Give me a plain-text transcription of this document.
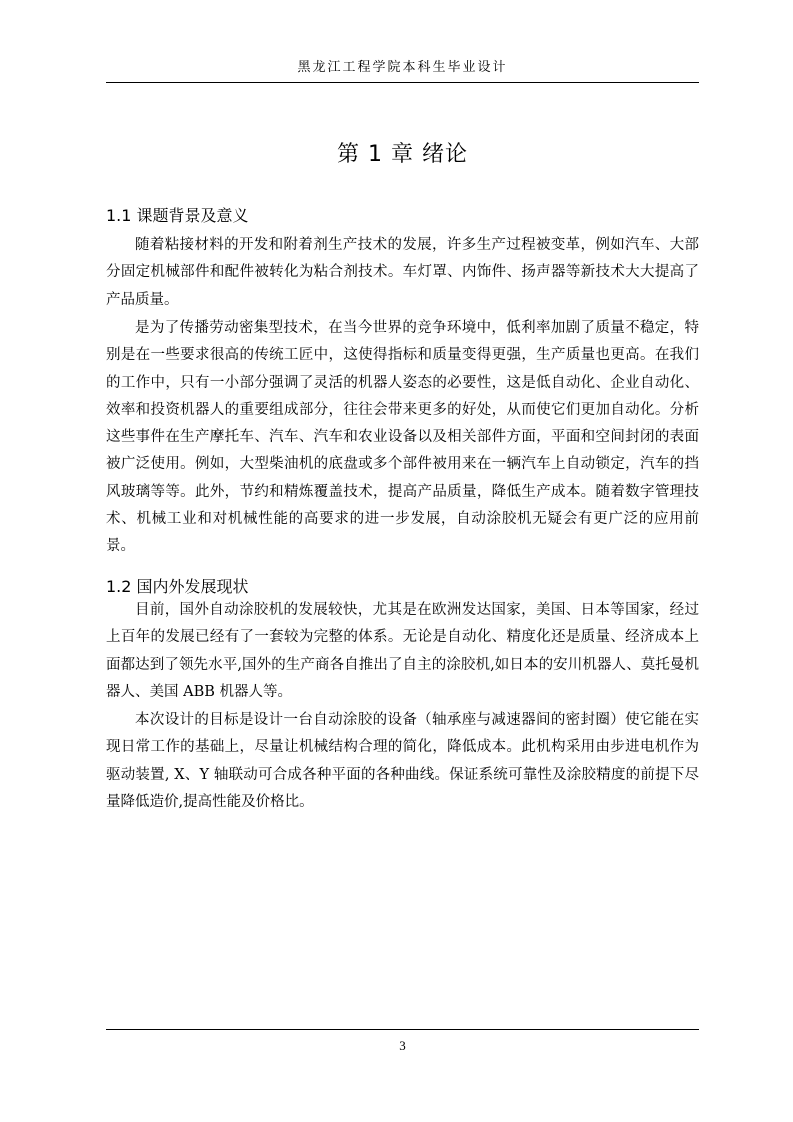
黑龙江工程学院本科生毕业设计
第 1 章 绪论
1.1 课题背景及意义

随着粘接材料的开发和附着剂生产技术的发展，许多生产过程被变革，例如汽车、大部分固定机械部件和配件被转化为粘合剂技术。车灯罩、内饰件、扬声器等新技术大大提高了产品质量。

是为了传播劳动密集型技术，在当今世界的竞争环境中，低利率加剧了质量不稳定，特别是在一些要求很高的传统工匠中，这使得指标和质量变得更强，生产质量也更高。在我们的工作中，只有一小部分强调了灵活的机器人姿态的必要性，这是低自动化、企业自动化、效率和投资机器人的重要组成部分，往往会带来更多的好处，从而使它们更加自动化。分析这些事件在生产摩托车、汽车、汽车和农业设备以及相关部件方面，平面和空间封闭的表面被广泛使用。例如，大型柴油机的底盘或多个部件被用来在一辆汽车上自动锁定，汽车的挡风玻璃等等。此外，节约和精炼覆盖技术，提高产品质量，降低生产成本。随着数字管理技术、机械工业和对机械性能的高要求的进一步发展，自动涂胶机无疑会有更广泛的应用前景。

1.2 国内外发展现状

目前，国外自动涂胶机的发展较快，尤其是在欧洲发达国家，美国、日本等国家，经过上百年的发展已经有了一套较为完整的体系。无论是自动化、精度化还是质量、经济成本上面都达到了领先水平,国外的生产商各自推出了自主的涂胶机,如日本的安川机器人、莫托曼机器人、美国 ABB 机器人等。

本次设计的目标是设计一台自动涂胶的设备（轴承座与减速器间的密封圈）使它能在实现日常工作的基础上，尽量让机械结构合理的简化，降低成本。此机构采用由步进电机作为驱动装置, X、Y 轴联动可合成各种平面的各种曲线。保证系统可靠性及涂胶精度的前提下尽量降低造价,提高性能及价格比。

3
